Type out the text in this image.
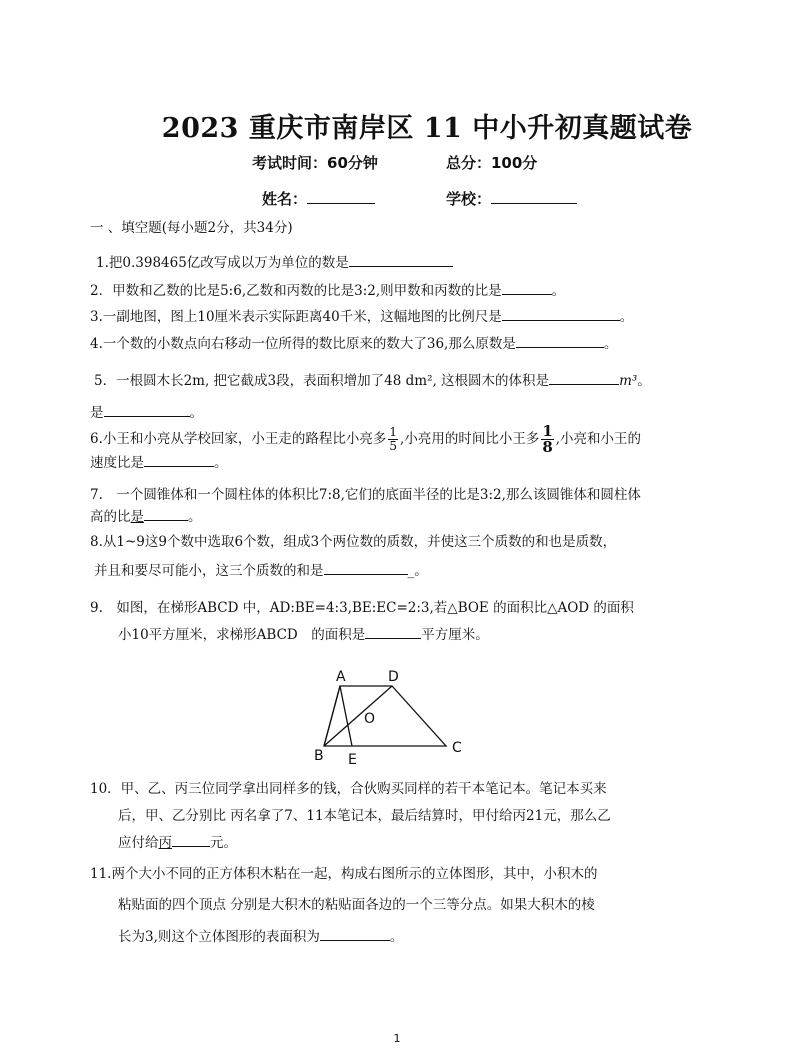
2023 重庆市南岸区 11 中小升初真题试卷
考试时间：60分钟	总分：100分
姓名：	学校：
一 、填空题(每小题2分，共34分)
1.把0.398465亿改写成以万为单位的数是
2．甲数和乙数的比是5:6,乙数和丙数的比是3:2,则甲数和丙数的比是	。
3.一副地图，图上10厘米表示实际距离40千米，这幅地图的比例尺是	。
4.一个数的小数点向右移动一位所得的数比原来的数大了36,那么原数是	。
5．一根圆木长2m, 把它截成3段，表面积增加了48 dm², 这根圆木的体积是	m³。
是	。
6.小王和小亮从学校回家，小王走的路程比小亮多 $\frac{1}{5}$ ,小亮用的时间比小王多 $\frac{1}{8}$ ,小亮和小王的
速度比是	。
7.　一个圆锥体和一个圆柱体的体积比7:8,它们的底面半径的比是3:2,那么该圆锥体和圆柱体
高的比是	。
8.从1~9这9个数中选取6个数，组成3个两位数的质数，并使这三个质数的和也是质数，
并且和要尽可能小，这三个质数的和是	_。
9.　如图，在梯形ABCD 中，AD:BE=4:3,BE:EC=2:3,若△BOE 的面积比△AOD 的面积
小10平方厘米，求梯形ABCD　的面积是	平方厘米。
A	D
O
B E
C
10．甲、乙、丙三位同学拿出同样多的钱，合伙购买同样的若干本笔记本。笔记本买来
后，甲、乙分别比 丙名拿了7、11本笔记本，最后结算时，甲付给丙21元，那么乙
应付给丙	元。
11.两个大小不同的正方体积木粘在一起，构成右图所示的立体图形，其中，小积木的
粘贴面的四个顶点 分别是大积木的粘贴面各边的一个三等分点。如果大积木的棱
长为3,则这个立体图形的表面积为	。
1
